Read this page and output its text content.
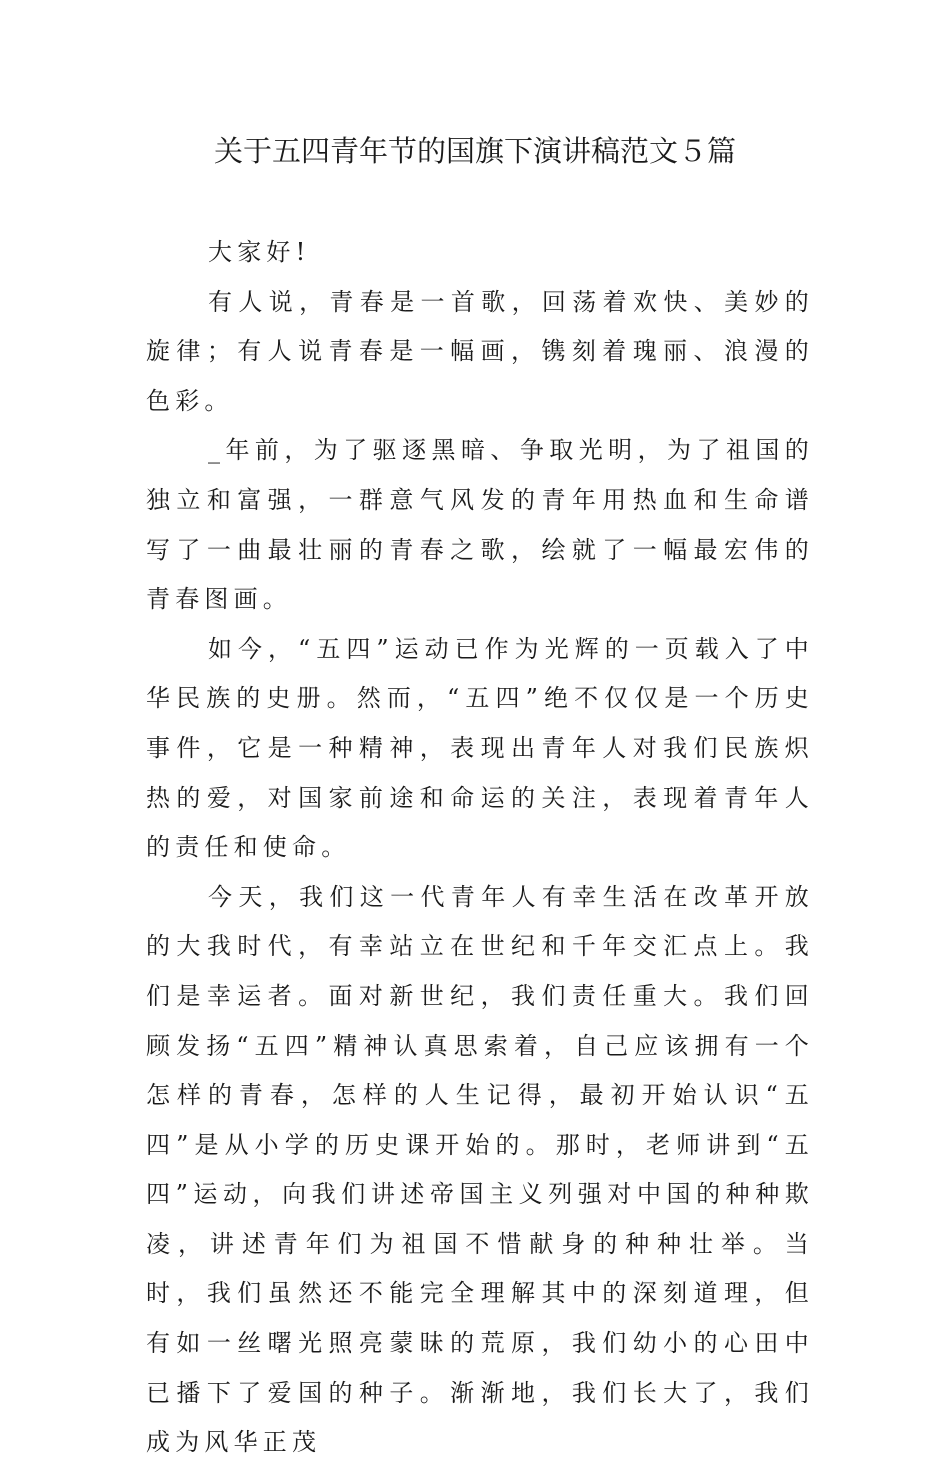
关于五四青年节的国旗下演讲稿范文５篇

大家好!

有人说，青春是一首歌，回荡着欢快、美妙的旋律；有人说青春是一幅画，镌刻着瑰丽、浪漫的色彩。

_年前，为了驱逐黑暗、争取光明，为了祖国的独立和富强，一群意气风发的青年用热血和生命谱写了一曲最壮丽的青春之歌，绘就了一幅最宏伟的青春图画。

如今，“五四”运动已作为光辉的一页载入了中华民族的史册。然而，“五四”绝不仅仅是一个历史事件，它是一种精神，表现出青年人对我们民族炽热的爱，对国家前途和命运的关注，表现着青年人的责任和使命。

今天，我们这一代青年人有幸生活在改革开放的大我时代，有幸站立在世纪和千年交汇点上。我们是幸运者。面对新世纪，我们责任重大。我们回顾发扬“五四”精神认真思索着，自己应该拥有一个怎样的青春，怎样的人生记得，最初开始认识“五四”是从小学的历史课开始的。那时，老师讲到“五四”运动，向我们讲述帝国主义列强对中国的种种欺凌，讲述青年们为祖国不惜献身的种种壮举。当时，我们虽然还不能完全理解其中的深刻道理，但有如一丝曙光照亮蒙昧的荒原，我们幼小的心田中已播下了爱国的种子。渐渐地，我们长大了，我们成为风华正茂
